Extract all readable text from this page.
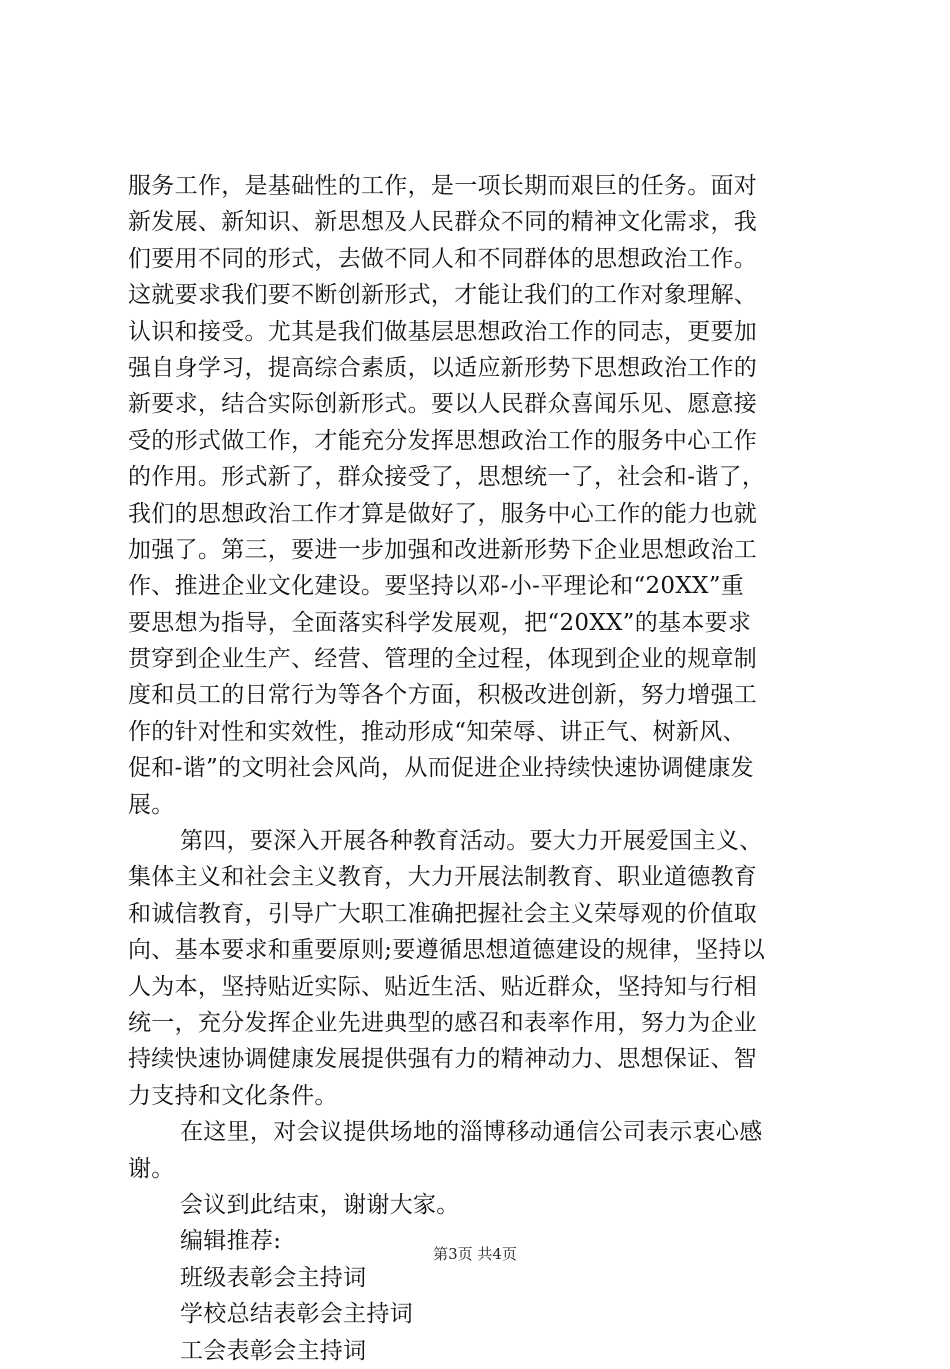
服务工作，是基础性的工作，是一项长期而艰巨的任务。面对
新发展、新知识、新思想及人民群众不同的精神文化需求，我
们要用不同的形式，去做不同人和不同群体的思想政治工作。
这就要求我们要不断创新形式，才能让我们的工作对象理解、
认识和接受。尤其是我们做基层思想政治工作的同志，更要加
强自身学习，提高综合素质，以适应新形势下思想政治工作的
新要求，结合实际创新形式。要以人民群众喜闻乐见、愿意接
受的形式做工作，才能充分发挥思想政治工作的服务中心工作
的作用。形式新了，群众接受了，思想统一了，社会和-谐了，
我们的思想政治工作才算是做好了，服务中心工作的能力也就
加强了。第三，要进一步加强和改进新形势下企业思想政治工
作、推进企业文化建设。要坚持以邓-小-平理论和“20XX”重
要思想为指导，全面落实科学发展观，把“20XX”的基本要求
贯穿到企业生产、经营、管理的全过程，体现到企业的规章制
度和员工的日常行为等各个方面，积极改进创新，努力增强工
作的针对性和实效性，推动形成“知荣辱、讲正气、树新风、
促和-谐”的文明社会风尚，从而促进企业持续快速协调健康发
展。
第四，要深入开展各种教育活动。要大力开展爱国主义、
集体主义和社会主义教育，大力开展法制教育、职业道德教育
和诚信教育，引导广大职工准确把握社会主义荣辱观的价值取
向、基本要求和重要原则;要遵循思想道德建设的规律，坚持以
人为本，坚持贴近实际、贴近生活、贴近群众，坚持知与行相
统一，充分发挥企业先进典型的感召和表率作用，努力为企业
持续快速协调健康发展提供强有力的精神动力、思想保证、智
力支持和文化条件。
在这里，对会议提供场地的淄博移动通信公司表示衷心感
谢。
会议到此结束，谢谢大家。
编辑推荐:
班级表彰会主持词
学校总结表彰会主持词
工会表彰会主持词
第3页 共4页
